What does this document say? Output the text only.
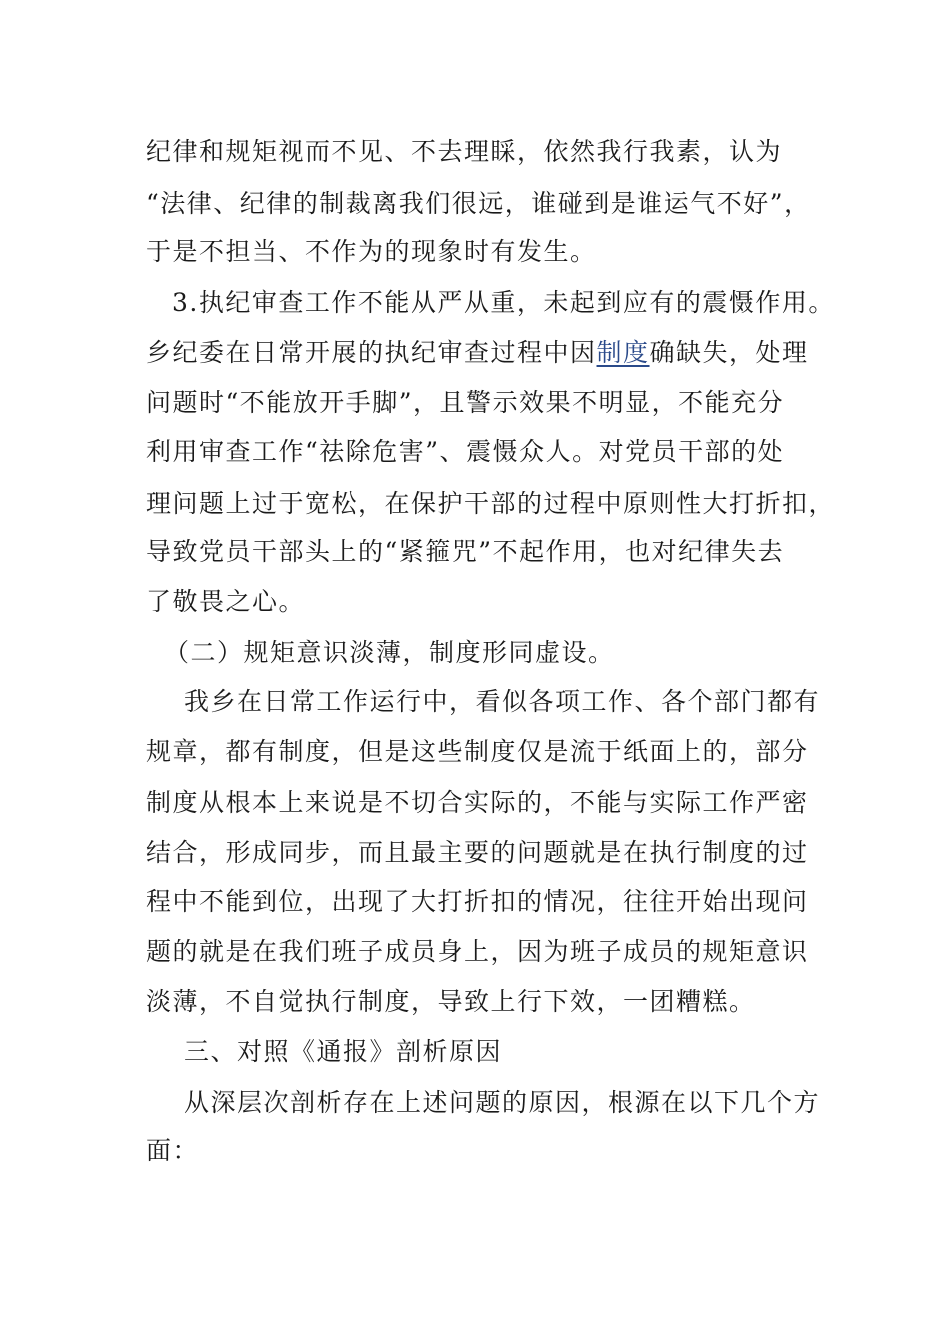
纪律和规矩视而不见、不去理睬，依然我行我素，认为
“法律、纪律的制裁离我们很远，谁碰到是谁运气不好”，
于是不担当、不作为的现象时有发生。
3.执纪审查工作不能从严从重，未起到应有的震慑作用。
乡纪委在日常开展的执纪审查过程中因制度确缺失，处理
问题时“不能放开手脚”，且警示效果不明显，不能充分
利用审查工作“祛除危害”、震慑众人。对党员干部的处
理问题上过于宽松，在保护干部的过程中原则性大打折扣，
导致党员干部头上的“紧箍咒”不起作用，也对纪律失去
了敬畏之心。
（二）规矩意识淡薄，制度形同虚设。
我乡在日常工作运行中，看似各项工作、各个部门都有
规章，都有制度，但是这些制度仅是流于纸面上的，部分
制度从根本上来说是不切合实际的，不能与实际工作严密
结合，形成同步，而且最主要的问题就是在执行制度的过
程中不能到位，出现了大打折扣的情况，往往开始出现问
题的就是在我们班子成员身上，因为班子成员的规矩意识
淡薄，不自觉执行制度，导致上行下效，一团糟糕。
三、对照《通报》剖析原因
从深层次剖析存在上述问题的原因，根源在以下几个方
面：
